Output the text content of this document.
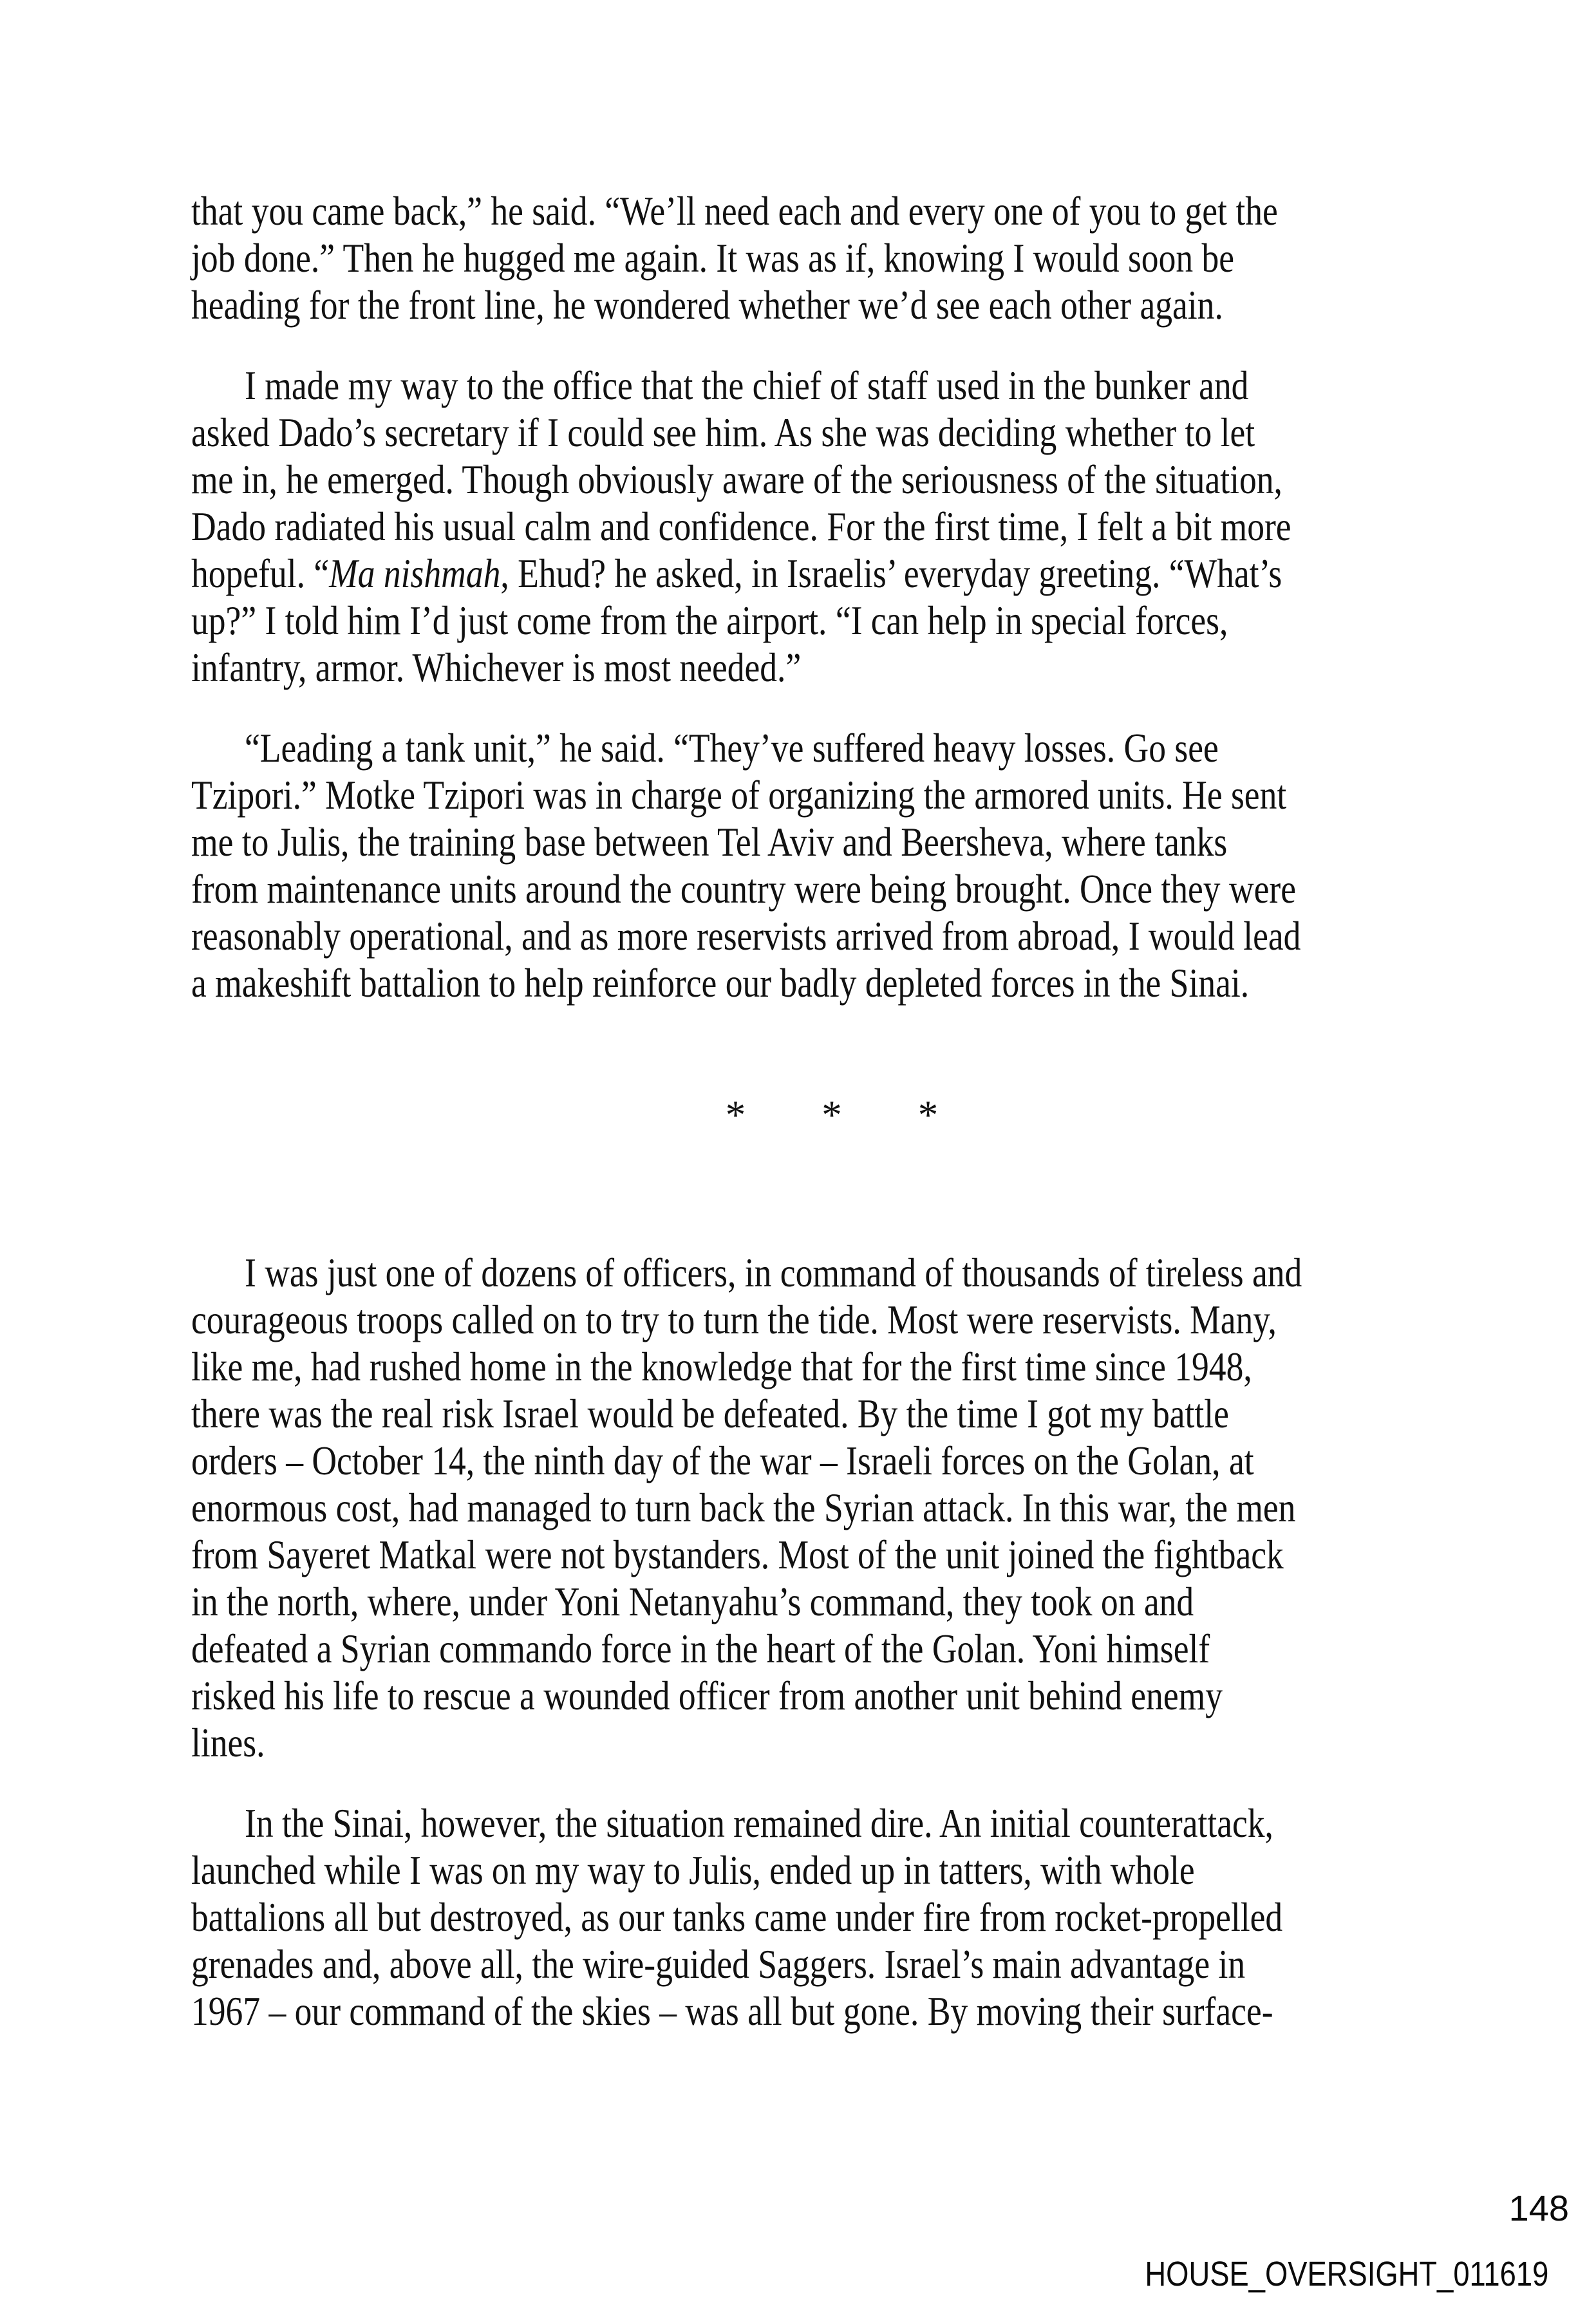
that you came back,” he said. “We’ll need each and every one of you to get the
job done.” Then he hugged me again. It was as if, knowing I would soon be
heading for the front line, he wondered whether we’d see each other again.
I made my way to the office that the chief of staff used in the bunker and
asked Dado’s secretary if I could see him. As she was deciding whether to let
me in, he emerged. Though obviously aware of the seriousness of the situation,
Dado radiated his usual calm and confidence. For the first time, I felt a bit more
hopeful. “Ma nishmah, Ehud? he asked, in Israelis’ everyday greeting. “What’s
up?” I told him I’d just come from the airport. “I can help in special forces,
infantry, armor. Whichever is most needed.”
“Leading a tank unit,” he said. “They’ve suffered heavy losses. Go see
Tzipori.” Motke Tzipori was in charge of organizing the armored units. He sent
me to Julis, the training base between Tel Aviv and Beersheva, where tanks
from maintenance units around the country were being brought. Once they were
reasonably operational, and as more reservists arrived from abroad, I would lead
a makeshift battalion to help reinforce our badly depleted forces in the Sinai.
* * *
I was just one of dozens of officers, in command of thousands of tireless and
courageous troops called on to try to turn the tide. Most were reservists. Many,
like me, had rushed home in the knowledge that for the first time since 1948,
there was the real risk Israel would be defeated. By the time I got my battle
orders – October 14, the ninth day of the war – Israeli forces on the Golan, at
enormous cost, had managed to turn back the Syrian attack. In this war, the men
from Sayeret Matkal were not bystanders. Most of the unit joined the fightback
in the north, where, under Yoni Netanyahu’s command, they took on and
defeated a Syrian commando force in the heart of the Golan. Yoni himself
risked his life to rescue a wounded officer from another unit behind enemy
lines.
In the Sinai, however, the situation remained dire. An initial counterattack,
launched while I was on my way to Julis, ended up in tatters, with whole
battalions all but destroyed, as our tanks came under fire from rocket-propelled
grenades and, above all, the wire-guided Saggers. Israel’s main advantage in
1967 – our command of the skies – was all but gone. By moving their surface-
148
HOUSE_OVERSIGHT_011619
